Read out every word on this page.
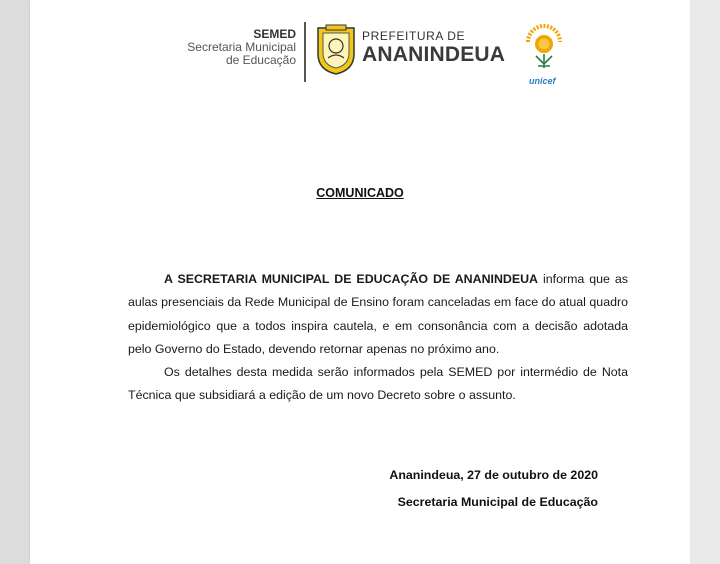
SEMED
Secretaria Municipal
de Educação
PREFEITURA DE
ANANINDEUA
unicef
COMUNICADO

A SECRETARIA MUNICIPAL DE EDUCAÇÃO DE ANANINDEUA informa que as aulas presenciais da Rede Municipal de Ensino foram canceladas em face do atual quadro epidemiológico que a todos inspira cautela, e em consonância com a decisão adotada pelo Governo do Estado, devendo retornar apenas no próximo ano.

Os detalhes desta medida serão informados pela SEMED por intermédio de Nota Técnica que subsidiará a edição de um novo Decreto sobre o assunto.

Ananindeua, 27 de outubro de 2020
Secretaria Municipal de Educação
